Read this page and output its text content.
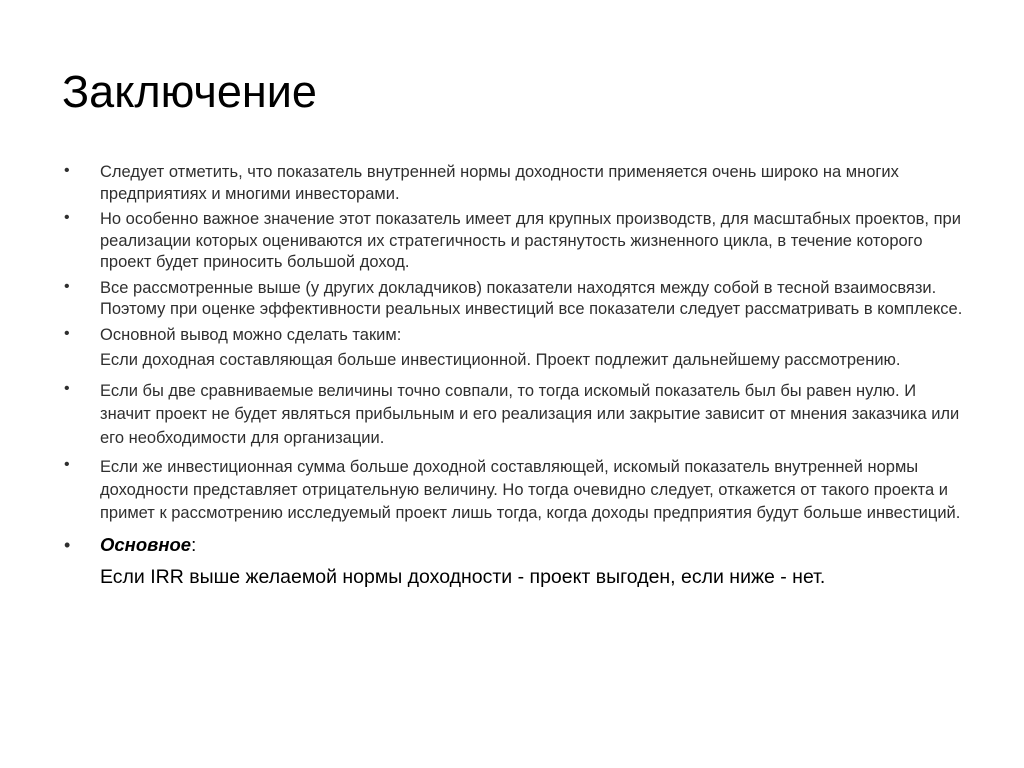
Заключение
• Следует отметить, что показатель внутренней нормы доходности применяется очень широко на многих предприятиях и многими инвесторами.
• Но особенно важное значение этот показатель имеет для крупных производств, для масштабных проектов, при реализации которых оцениваются их стратегичность и растянутость жизненного цикла, в течение которого проект будет приносить большой доход.
• Все рассмотренные выше (у других докладчиков) показатели находятся между собой в тесной взаимосвязи. Поэтому при оценке эффективности реальных инвестиций все показатели следует рассматривать в комплексе.
• Основной вывод можно сделать таким:
Если доходная составляющая больше инвестиционной. Проект подлежит дальнейшему рассмотрению.
• Если бы две сравниваемые величины точно совпали, то тогда искомый показатель был бы равен нулю. И значит проект не будет являться прибыльным и его реализация или закрытие зависит от мнения заказчика или его необходимости для организации.
• Если же инвестиционная сумма больше доходной составляющей, искомый показатель внутренней нормы доходности представляет отрицательную величину. Но тогда очевидно следует, откажется от такого проекта и примет к рассмотрению исследуемый проект лишь тогда, когда доходы предприятия будут больше инвестиций.
• Основное:
Если IRR выше желаемой нормы доходности - проект выгоден, если ниже - нет.
